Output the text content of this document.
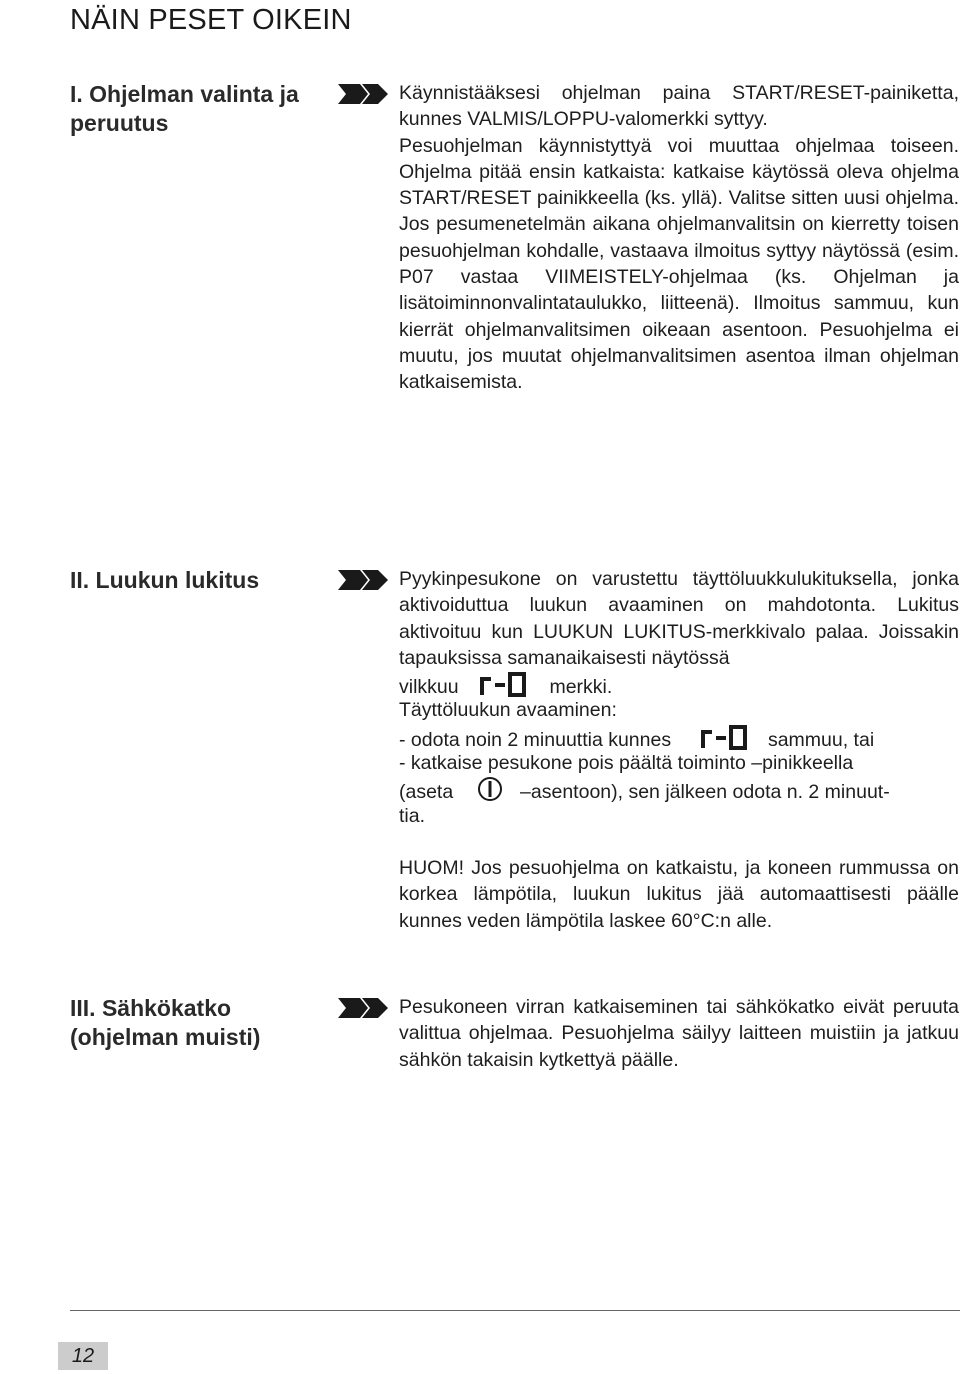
NÄIN PESET OIKEIN
I. Ohjelman valinta ja peruutus

Käynnistääksesi ohjelman paina START/RESET-painiketta, kunnes VALMIS/LOPPU-valomerkki syttyy.

Pesuohjelman käynnistyttyä voi muuttaa ohjelmaa toiseen. Ohjelma pitää ensin katkaista: katkaise käytössä oleva ohjelma START/RESET painikkeella (ks. yllä). Valitse sitten uusi ohjelma. Jos pesumenetelmän aikana ohjelmanvalitsin on kierretty toisen pesuohjelman kohdalle, vastaava ilmoitus syttyy näytössä (esim. P07 vastaa VIIMEISTELY-ohjelmaa (ks. Ohjelman ja lisätoiminnonvalintataulukko, liitteenä). Ilmoitus sammuu, kun kierrät ohjelmanvalitsimen oikeaan asentoon. Pesuohjelma ei muutu, jos muutat ohjelmanvalitsimen asentoa ilman ohjelman katkaisemista.

II. Luukun lukitus	Pyykinpesukone on varustettu täyttöluukkulukituksella, jonka aktivoiduttua luukun avaaminen on mahdotonta. Lukitus aktivoituu kun LUUKUN LUKITUS-merkkivalo palaa. Joissakin tapauksissa samanaikaisesti näytössä

vilkkuu	merkki.
Täyttöluukun avaaminen:
- odota noin 2 minuuttia kunnes	sammuu, tai
- katkaise pesukone pois päältä toiminto –pinikkeella
(aseta	–asentoon), sen jälkeen odota n. 2 minuut-
tia.

HUOM! Jos pesuohjelma on katkaistu, ja koneen rummussa on korkea lämpötila, luukun lukitus jää automaattisesti päälle kunnes veden lämpötila laskee 60°C:n alle.

III. Sähkökatko (ohjelman muisti)

Pesukoneen virran katkaiseminen tai sähkökatko eivät peruuta valittua ohjelmaa. Pesuohjelma säilyy laitteen muistiin ja jatkuu sähkön takaisin kytkettyä päälle.

12
